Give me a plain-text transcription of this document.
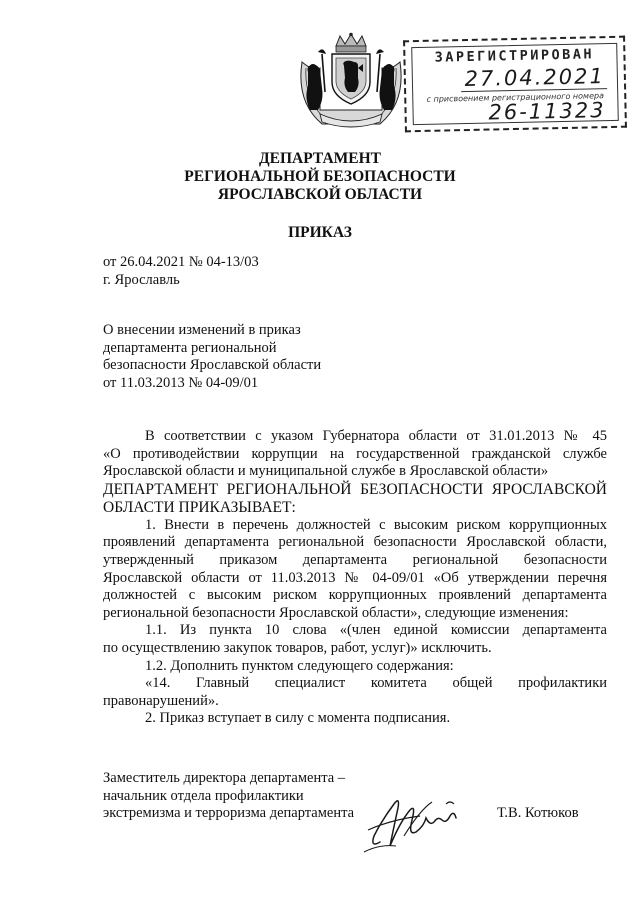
ЗАРЕГИСТРИРОВАН
27.04.2021
с присвоением регистрационного номера
26-11323
ДЕПАРТАМЕНТ
РЕГИОНАЛЬНОЙ БЕЗОПАСНОСТИ
ЯРОСЛАВСКОЙ ОБЛАСТИ
ПРИКАЗ
от 26.04.2021 № 04-13/03
г. Ярославль
О внесении изменений в приказ
департамента региональной
безопасности Ярославской области
от 11.03.2013 № 04-09/01
В соответствии с указом Губернатора области от 31.01.2013 № 45
«О противодействии коррупции на государственной гражданской службе
Ярославской области и муниципальной службе в Ярославской области»
ДЕПАРТАМЕНТ РЕГИОНАЛЬНОЙ БЕЗОПАСНОСТИ ЯРОСЛАВСКОЙ
ОБЛАСТИ ПРИКАЗЫВАЕТ:
1. Внести в перечень должностей с высоким риском коррупционных
проявлений департамента региональной безопасности Ярославской области,
утвержденный приказом департамента региональной безопасности
Ярославской области от 11.03.2013 № 04-09/01 «Об утверждении перечня
должностей с высоким риском коррупционных проявлений департамента
региональной безопасности Ярославской области», следующие изменения:
1.1. Из пункта 10 слова «(член единой комиссии департамента
по осуществлению закупок товаров, работ, услуг)» исключить.
1.2. Дополнить пунктом следующего содержания:
«14. Главный специалист комитета общей профилактики
правонарушений».
2. Приказ вступает в силу с момента подписания.
Заместитель директора департамента –
начальник отдела профилактики
экстремизма и терроризма департамента	Т.В. Котюков
